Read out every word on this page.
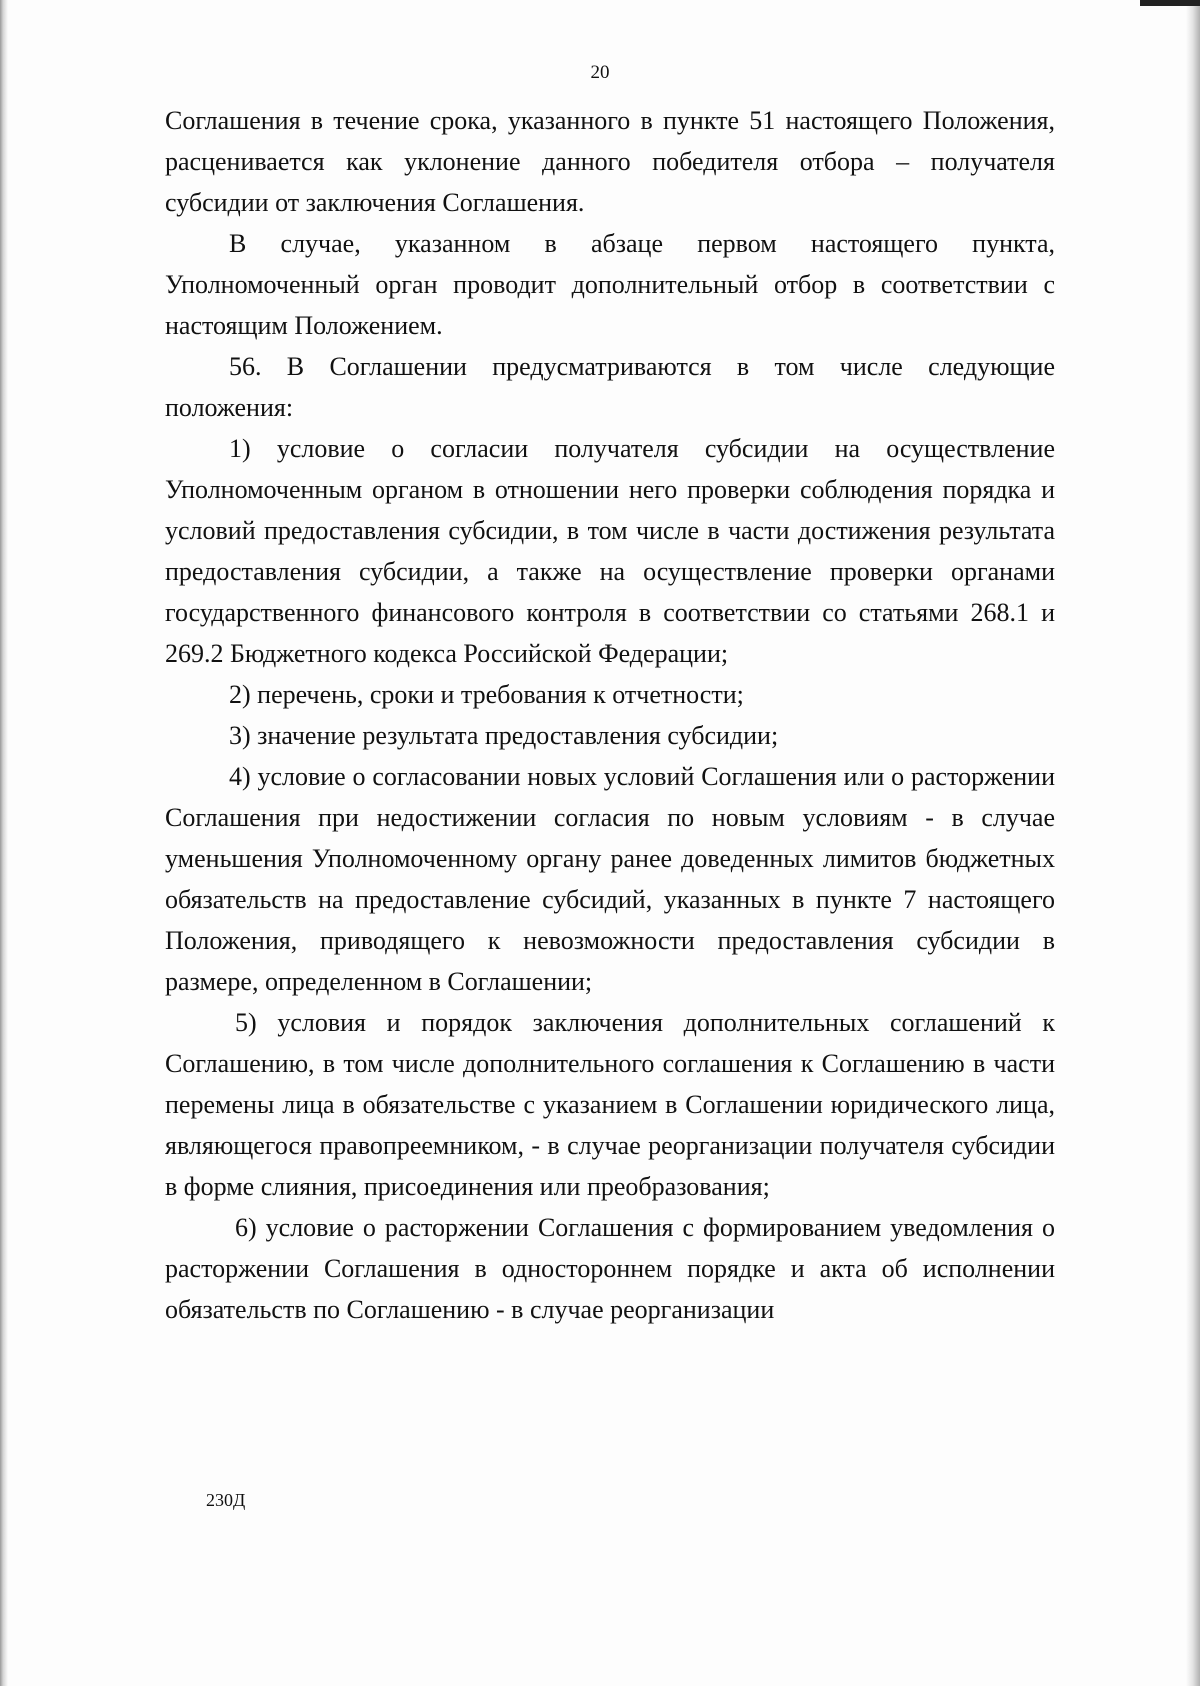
20

Соглашения в течение срока, указанного в пункте 51 настоящего Положения, расценивается как уклонение данного победителя отбора – получателя субсидии от заключения Соглашения.

В случае, указанном в абзаце первом настоящего пункта, Уполномоченный орган проводит дополнительный отбор в соответствии с настоящим Положением.

56. В Соглашении предусматриваются в том числе следующие положения:

1) условие о согласии получателя субсидии на осуществление Уполномоченным органом в отношении него проверки соблюдения порядка и условий предоставления субсидии, в том числе в части достижения результата предоставления субсидии, а также на осуществление проверки органами государственного финансового контроля в соответствии со статьями 268.1 и 269.2 Бюджетного кодекса Российской Федерации;

2) перечень, сроки и требования к отчетности;

3) значение результата предоставления субсидии;

4) условие о согласовании новых условий Соглашения или о расторжении Соглашения при недостижении согласия по новым условиям - в случае уменьшения Уполномоченному органу ранее доведенных лимитов бюджетных обязательств на предоставление субсидий, указанных в пункте 7 настоящего Положения, приводящего к невозможности предоставления субсидии в размере, определенном в Соглашении;

5) условия и порядок заключения дополнительных соглашений к Соглашению, в том числе дополнительного соглашения к Соглашению в части перемены лица в обязательстве с указанием в Соглашении юридического лица, являющегося правопреемником, - в случае реорганизации получателя субсидии в форме слияния, присоединения или преобразования;

6) условие о расторжении Соглашения с формированием уведомления о расторжении Соглашения в одностороннем порядке и акта об исполнении обязательств по Соглашению - в случае реорганизации

230Д
